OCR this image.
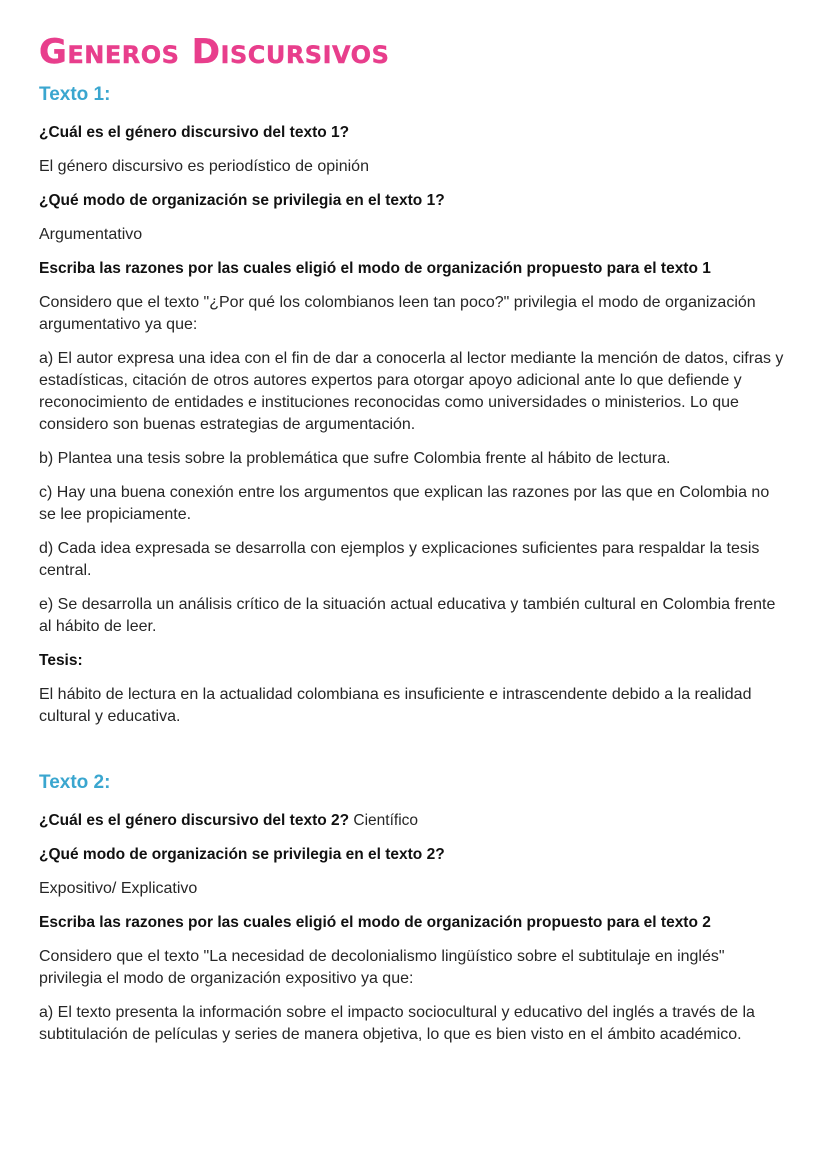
Generos Discursivos
Texto 1:
¿Cuál es el género discursivo del texto 1?
El género discursivo es periodístico de opinión
¿Qué modo de organización se privilegia en el texto 1?
Argumentativo
Escriba las razones por las cuales eligió el modo de organización propuesto para el texto 1
Considero que el texto "¿Por qué los colombianos leen tan poco?" privilegia el modo de organización argumentativo ya que:
a) El autor expresa una idea con el fin de dar a conocerla al lector mediante la mención de datos, cifras y estadísticas, citación de otros autores expertos para otorgar apoyo adicional ante lo que defiende y reconocimiento de entidades e instituciones reconocidas como universidades o ministerios. Lo que considero son buenas estrategias de argumentación.
b) Plantea una tesis sobre la problemática que sufre Colombia frente al hábito de lectura.
c) Hay una buena conexión entre los argumentos que explican las razones por las que en Colombia no se lee propiciamente.
d) Cada idea expresada se desarrolla con ejemplos y explicaciones suficientes para respaldar la tesis central.
e) Se desarrolla un análisis crítico de la situación actual educativa y también cultural en Colombia frente al hábito de leer.
Tesis:
El hábito de lectura en la actualidad colombiana es insuficiente e intrascendente debido a la realidad cultural y educativa.
Texto 2:
¿Cuál es el género discursivo del texto 2? Científico
¿Qué modo de organización se privilegia en el texto 2?
Expositivo/ Explicativo
Escriba las razones por las cuales eligió el modo de organización propuesto para el texto 2
Considero que el texto "La necesidad de decolonialismo lingüístico sobre el subtitulaje en inglés" privilegia el modo de organización expositivo ya que:
a) El texto presenta la información sobre el impacto sociocultural y educativo del inglés a través de la subtitulación de películas y series de manera objetiva, lo que es bien visto en el ámbito académico.
